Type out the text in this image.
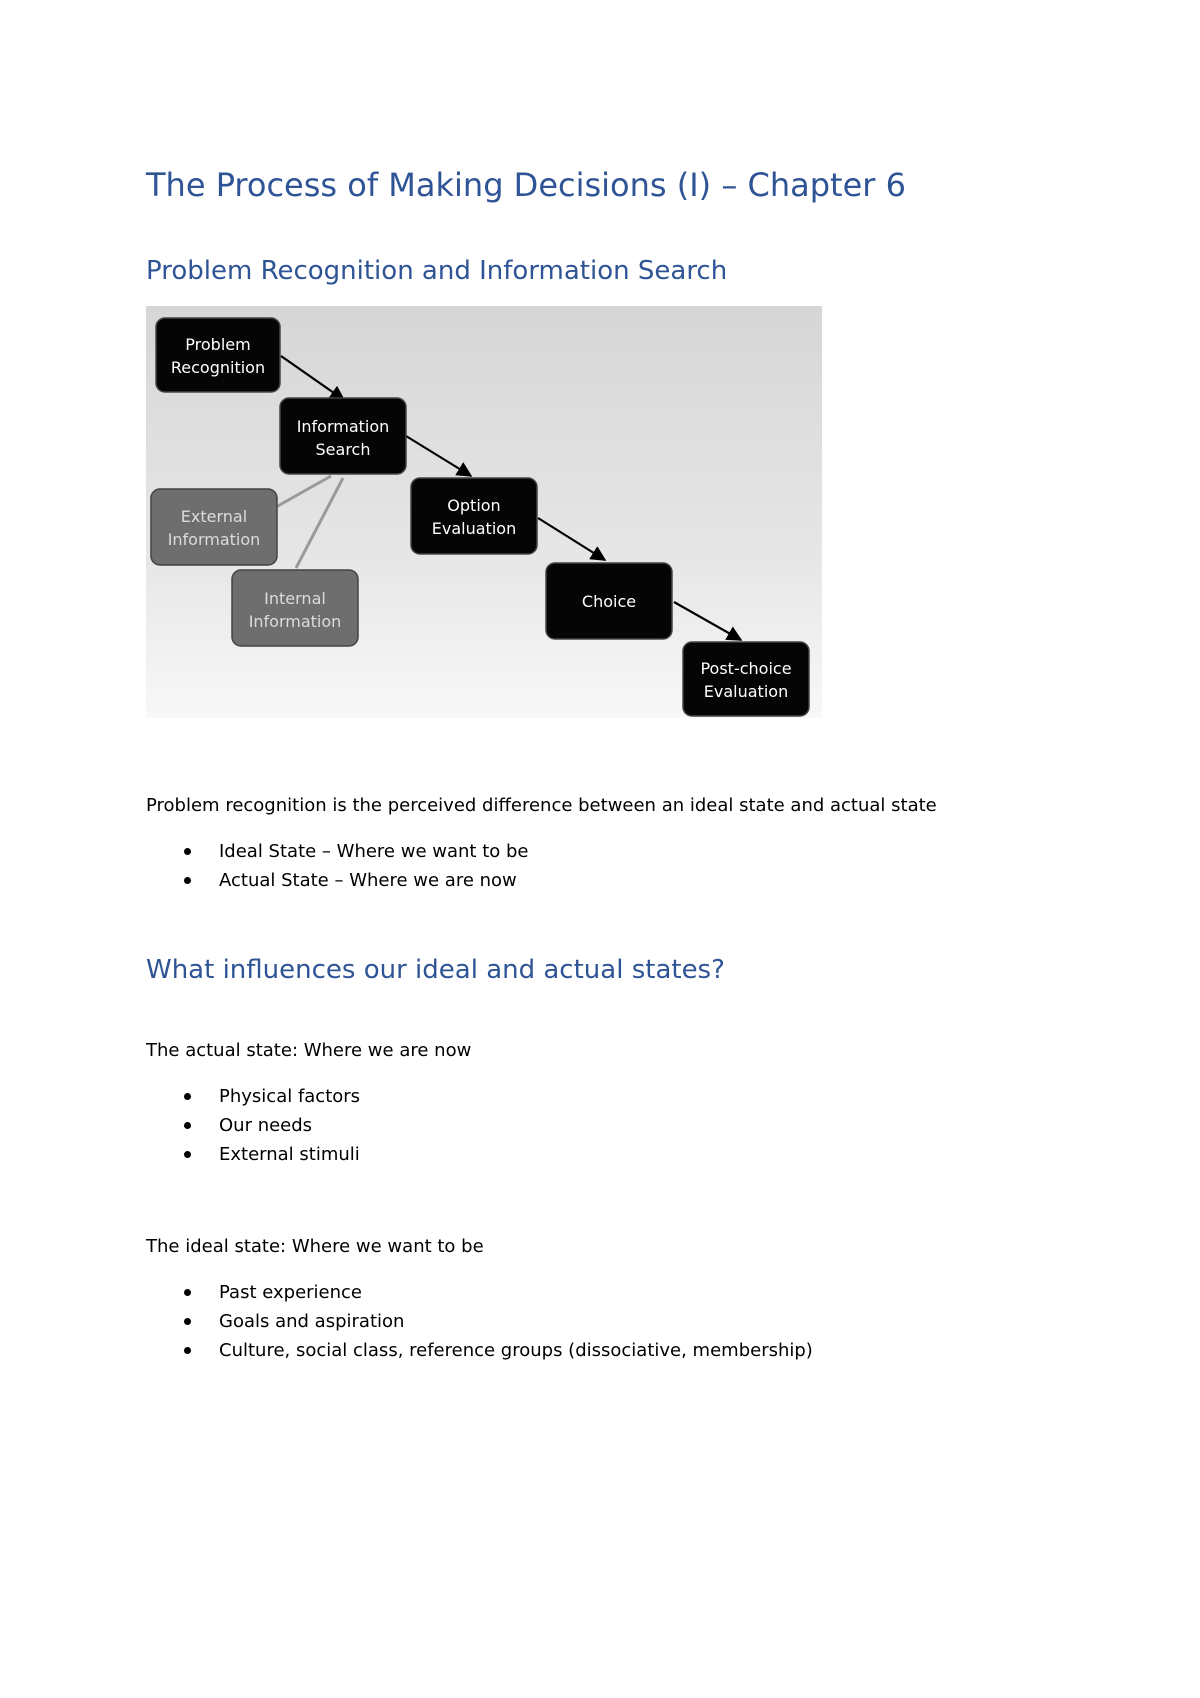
The Process of Making Decisions (I) – Chapter 6
Problem Recognition and Information Search
Problem
Recognition
Information
Search
Option
Evaluation
Choice
Post-choice
Evaluation
External
Information
Internal
Information

Problem recognition is the perceived difference between an ideal state and actual state

Ideal State – Where we want to be
Actual State – Where we are now
What influences our ideal and actual states?

The actual state: Where we are now

Physical factors
Our needs
External stimuli

The ideal state: Where we want to be

Past experience
Goals and aspiration
Culture, social class, reference groups (dissociative, membership)
